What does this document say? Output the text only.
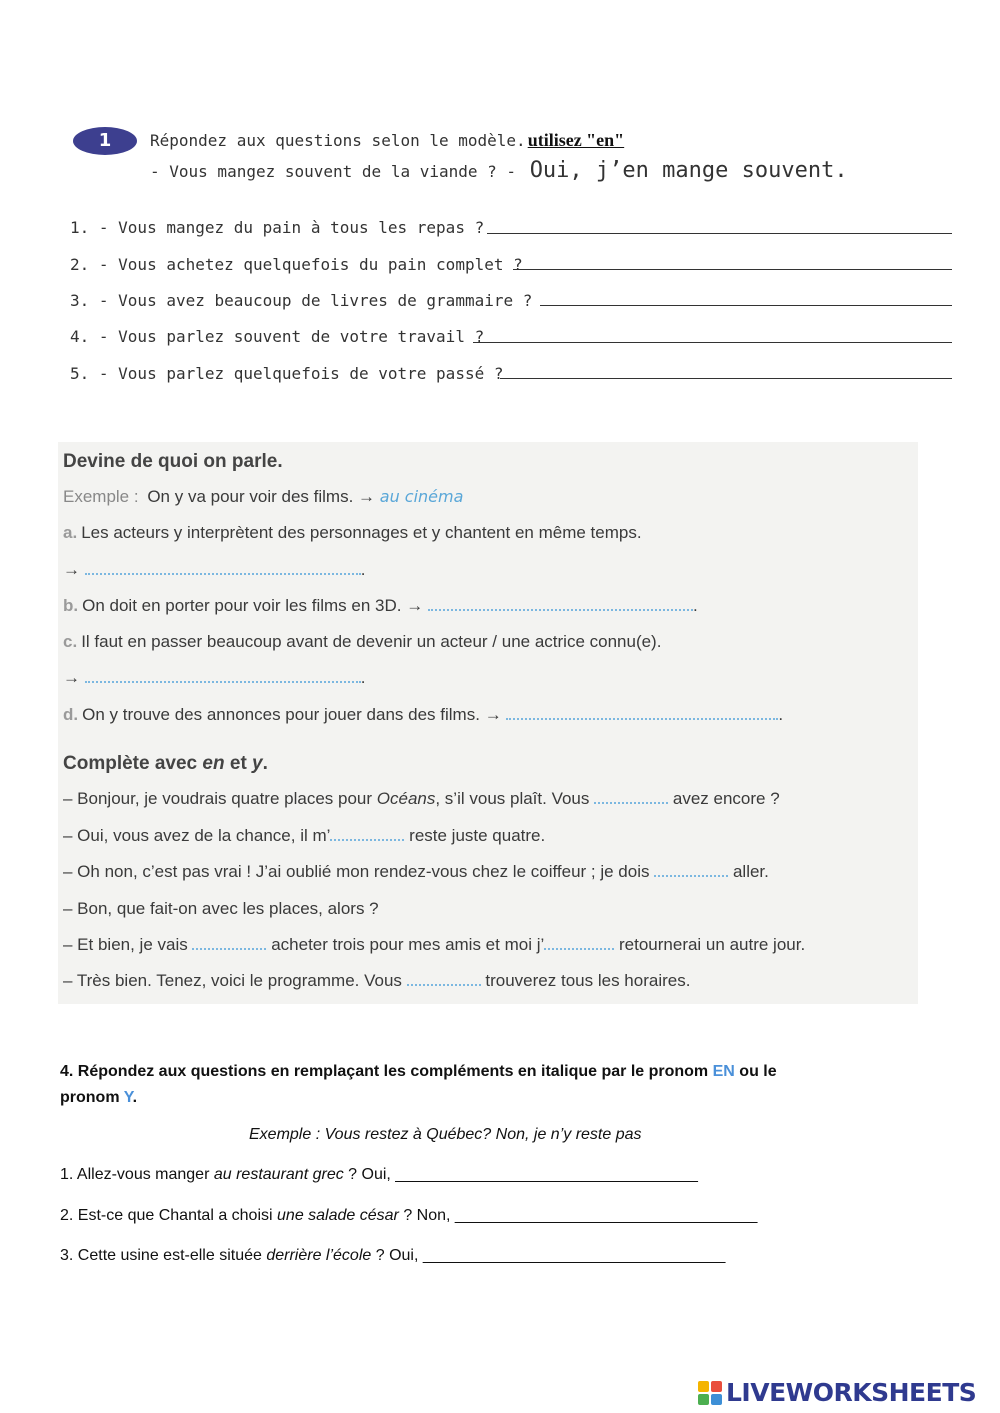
1	Répondez aux questions selon le modèle. utilisez "en"
- Vous mangez souvent de la viande ? - Oui, j’en mange souvent.
1. - Vous mangez du pain à tous les repas ?
2. - Vous achetez quelquefois du pain complet ?
3. - Vous avez beaucoup de livres de grammaire ?
4. - Vous parlez souvent de votre travail ?
5. - Vous parlez quelquefois de votre passé ?
Devine de quoi on parle.
Exemple : On y va pour voir des films. → au cinéma
a. Les acteurs y interprètent des personnages et y chantent en même temps.
→	.
b. On doit en porter pour voir les films en 3D. →	.
c. Il faut en passer beaucoup avant de devenir un acteur / une actrice connu(e).
→	.
d. On y trouve des annonces pour jouer dans des films. →	.
Complète avec en et y.
– Bonjour, je voudrais quatre places pour Océans, s’il vous plaît. Vous	avez encore ?
– Oui, vous avez de la chance, il m’	reste juste quatre.
– Oh non, c’est pas vrai ! J’ai oublié mon rendez-vous chez le coiffeur ; je dois	aller.
– Bon, que fait-on avec les places, alors ?
– Et bien, je vais	acheter trois pour mes amis et moi j’	retournerai un autre jour.
– Très bien. Tenez, voici le programme. Vous	trouverez tous les horaires.
4. Répondez aux questions en remplaçant les compléments en italique par le pronom EN ou le
pronom Y.
Exemple : Vous restez à Québec? Non, je n’y reste pas
1. Allez-vous manger au restaurant grec ? Oui, __________________________________
2. Est-ce que Chantal a choisi une salade césar ? Non, __________________________________
3. Cette usine est-elle située derrière l’école ? Oui, __________________________________
LIVEWORKSHEETS
